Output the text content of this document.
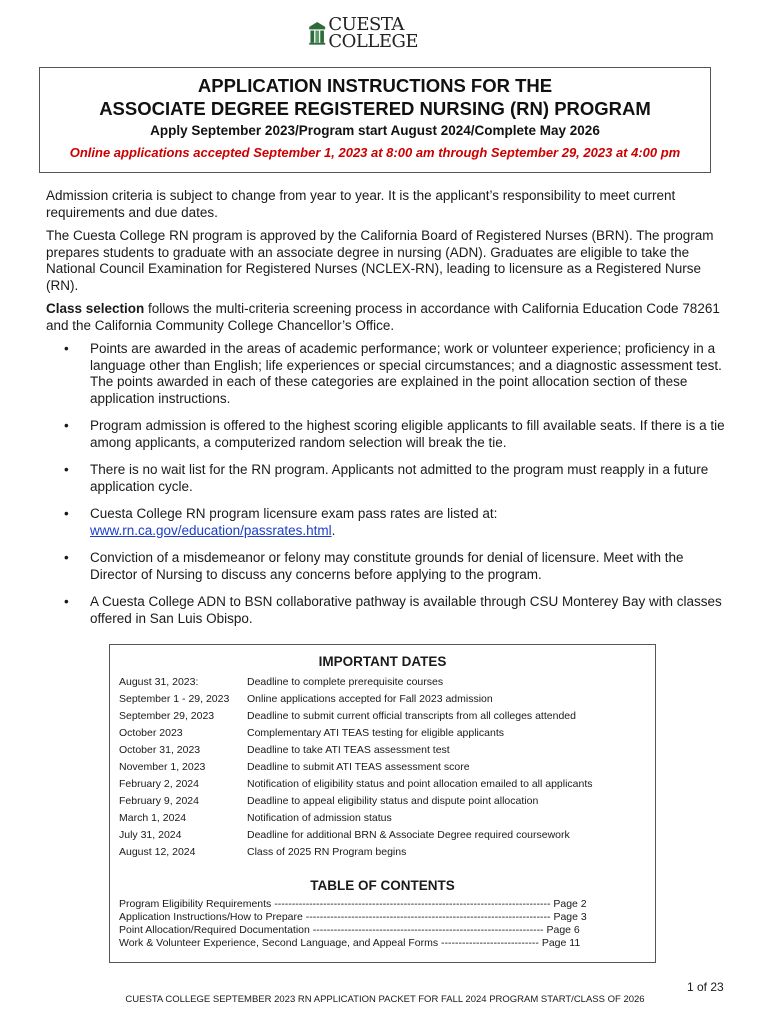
CUESTA
COLLEGE
APPLICATION INSTRUCTIONS FOR THE
ASSOCIATE DEGREE REGISTERED NURSING (RN) PROGRAM
Apply September 2023/Program start August 2024/Complete May 2026
Online applications accepted September 1, 2023 at 8:00 am through September 29, 2023 at 4:00 pm

Admission criteria is subject to change from year to year. It is the applicant’s responsibility to meet current requirements and due dates.

The Cuesta College RN program is approved by the California Board of Registered Nurses (BRN). The program prepares students to graduate with an associate degree in nursing (ADN). Graduates are eligible to take the National Council Examination for Registered Nurses (NCLEX-RN), leading to licensure as a Registered Nurse (RN).

Class selection follows the multi-criteria screening process in accordance with California Education Code 78261 and the California Community College Chancellor’s Office.

• Points are awarded in the areas of academic performance; work or volunteer experience; proficiency in a language other than English; life experiences or special circumstances; and a diagnostic assessment test. The points awarded in each of these categories are explained in the point allocation section of these application instructions.
• Program admission is offered to the highest scoring eligible applicants to fill available seats. If there is a tie among applicants, a computerized random selection will break the tie.
• There is no wait list for the RN program. Applicants not admitted to the program must reapply in a future application cycle.
• Cuesta College RN program licensure exam pass rates are listed at:
www.rn.ca.gov/education/passrates.html.
• Conviction of a misdemeanor or felony may constitute grounds for denial of licensure. Meet with the Director of Nursing to discuss any concerns before applying to the program.
• A Cuesta College ADN to BSN collaborative pathway is available through CSU Monterey Bay with classes offered in San Luis Obispo.
IMPORTANT DATES
August 31, 2023:	Deadline to complete prerequisite courses
September 1 - 29, 2023	Online applications accepted for Fall 2023 admission
September 29, 2023	Deadline to submit current official transcripts from all colleges attended
October 2023	Complementary ATI TEAS testing for eligible applicants
October 31, 2023	Deadline to take ATI TEAS assessment test
November 1, 2023	Deadline to submit ATI TEAS assessment score
February 2, 2024	Notification of eligibility status and point allocation emailed to all applicants
February 9, 2024	Deadline to appeal eligibility status and dispute point allocation
March 1, 2024	Notification of admission status
July 31, 2024	Deadline for additional BRN & Associate Degree required coursework
August 12, 2024	Class of 2025 RN Program begins
TABLE OF CONTENTS
Program Eligibility Requirements ------------------------------------------------------------------------------- Page 2
Application Instructions/How to Prepare ---------------------------------------------------------------------- Page 3
Point Allocation/Required Documentation ------------------------------------------------------------------ Page 6
Work & Volunteer Experience, Second Language, and Appeal Forms ---------------------------- Page 11
1 of 23
CUESTA COLLEGE SEPTEMBER 2023 RN APPLICATION PACKET FOR FALL 2024 PROGRAM START/CLASS OF 2026
